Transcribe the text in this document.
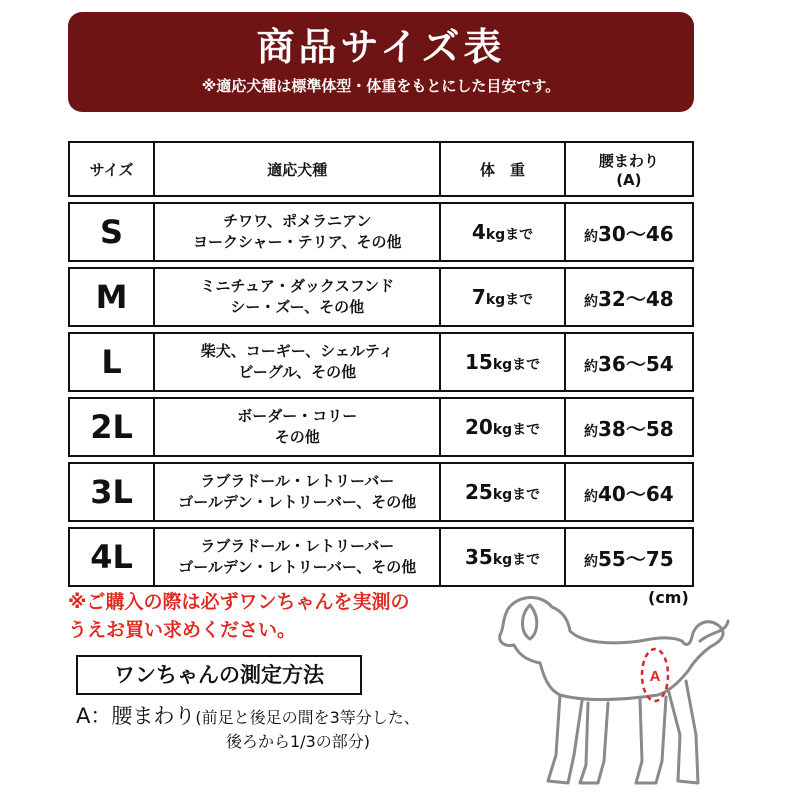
商品サイズ表
※適応犬種は標準体型・体重をもとにした目安です。
サイズ	適応犬種	体　重	腰まわり
(A)
S	チワワ、ポメラニアン
ヨークシャー・テリア、その他	4kgまで	約30〜46
M	ミニチュア・ダックスフンド
シー・ズー、その他	7kgまで	約32〜48
L	柴犬、コーギー、シェルティ
ビーグル、その他	15kgまで	約36〜54
2L	ボーダー・コリー
その他	20kgまで	約38〜58
3L	ラブラドール・レトリーバー
ゴールデン・レトリーバー、その他	25kgまで	約40〜64
4L	ラブラドール・レトリーバー
ゴールデン・レトリーバー、その他	35kgまで	約55〜75
※ご購入の際は必ずワンちゃんを実測の
うえお買い求めください。
(cm)
ワンちゃんの測定方法
A：腰まわり(前足と後足の間を3等分した、
後ろから1/3の部分)
A
